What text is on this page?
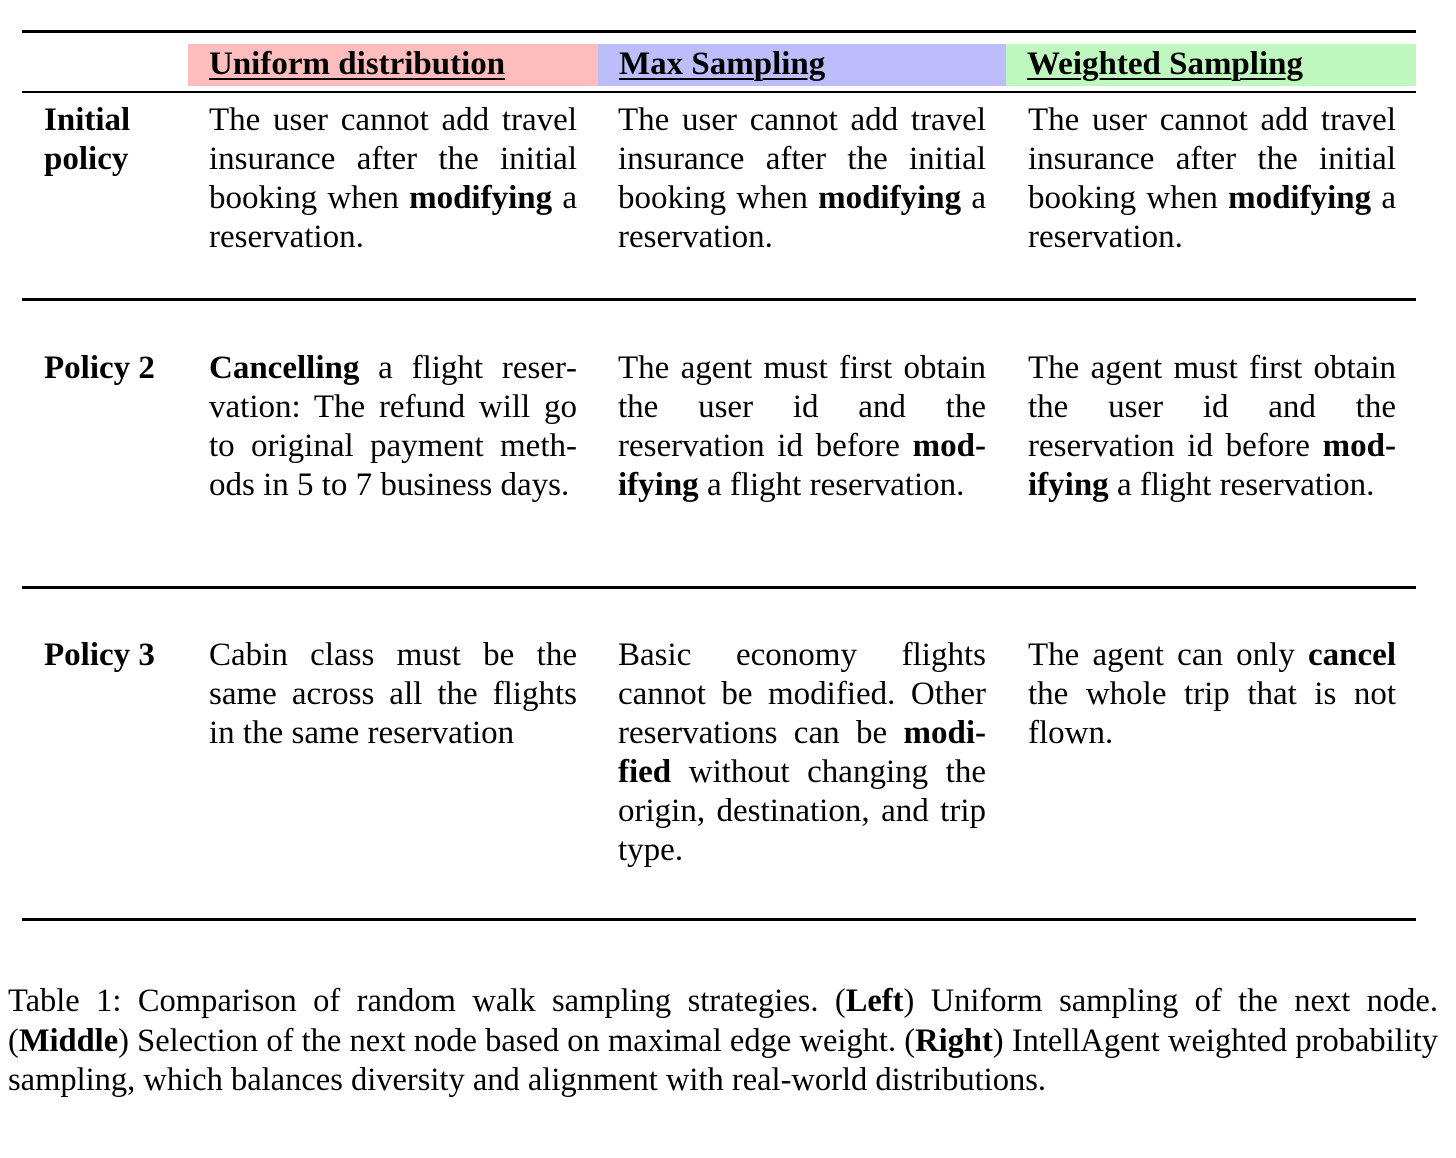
Uniform distribution	Max Sampling	Weighted Sampling
Initial policy
Policy 2
Policy 3
The user cannot add travel insurance after the initial booking when modifying a reservation.
The user cannot add travel insurance after the initial booking when modifying a reservation.
The user cannot add travel insurance after the initial booking when modifying a reservation.
Cancelling a flight reservation: The refund will go to original payment methods in 5 to 7 business days.
The agent must first obtain the user id and the reservation id before modifying a flight reservation.
The agent must first obtain the user id and the reservation id before modifying a flight reservation.
Cabin class must be the same across all the flights in the same reservation
Basic economy flights cannot be modified. Other reservations can be modified without changing the origin, destination, and trip type.
The agent can only cancel the whole trip that is not flown.
Table 1: Comparison of random walk sampling strategies. (Left) Uniform sampling of the next node. (Middle) Selection of the next node based on maximal edge weight. (Right) IntellAgent weighted probability sampling, which balances diversity and alignment with real-world distributions.
